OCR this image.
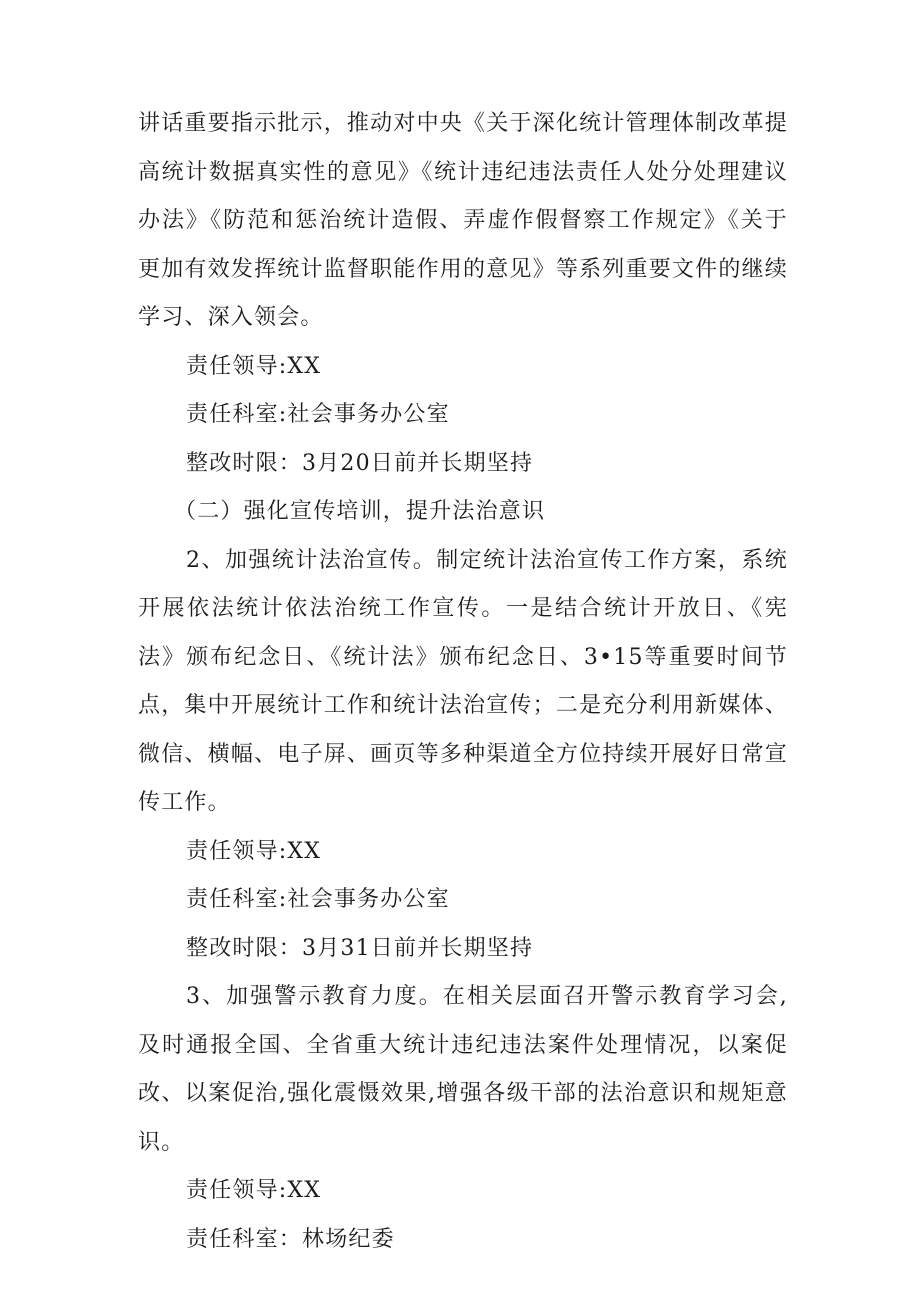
讲话重要指示批示，推动对中央《关于深化统计管理体制改革提高统计数据真实性的意见》《统计违纪违法责任人处分处理建议办法》《防范和惩治统计造假、弄虚作假督察工作规定》《关于更加有效发挥统计监督职能作用的意见》等系列重要文件的继续学习、深入领会。

责任领导:XX

责任科室:社会事务办公室

整改时限：3月20日前并长期坚持

（二）强化宣传培训，提升法治意识

2、加强统计法治宣传。制定统计法治宣传工作方案，系统开展依法统计依法治统工作宣传。一是结合统计开放日、《宪法》颁布纪念日、《统计法》颁布纪念日、3•15等重要时间节点，集中开展统计工作和统计法治宣传；二是充分利用新媒体、微信、横幅、电子屏、画页等多种渠道全方位持续开展好日常宣传工作。

责任领导:XX

责任科室:社会事务办公室

整改时限：3月31日前并长期坚持

3、加强警示教育力度。在相关层面召开警示教育学习会,及时通报全国、全省重大统计违纪违法案件处理情况，以案促改、以案促治,强化震慑效果,增强各级干部的法治意识和规矩意识。

责任领导:XX

责任科室：林场纪委
